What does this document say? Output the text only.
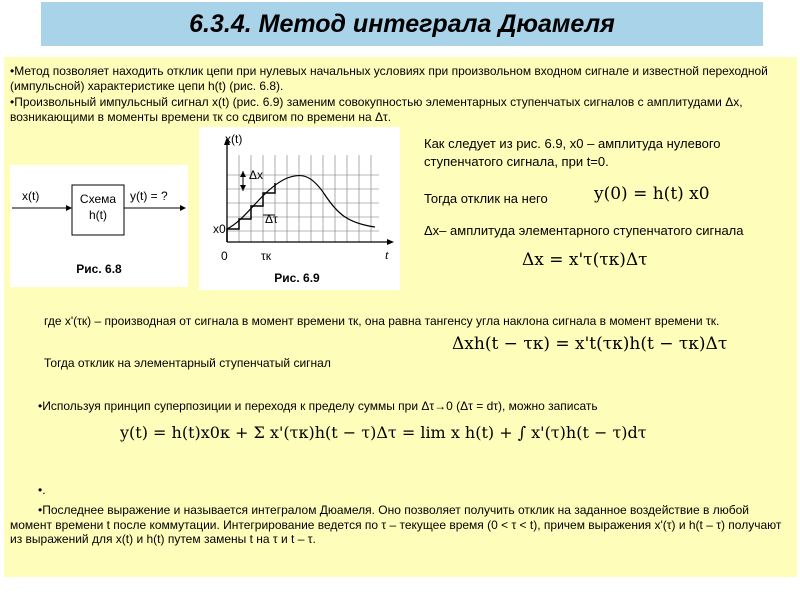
6.3.4. Метод интеграла Дюамеля
•Метод позволяет находить отклик цепи при нулевых начальных условиях при произвольном входном сигнале и известной переходной (импульсной) характеристике цепи h(t) (рис. 6.8).
•Произвольный импульсный сигнал x(t) (рис. 6.9) заменим совокупностью элементарных ступенчатых сигналов с амплитудами Δx, возникающими в моменты времени τк со сдвигом по времени на Δτ.
x(t)	Схема
h(t)
y(t) = ?
Рис. 6.8
x(t)
t
Δx
Δτ
x0
0	τк
Рис. 6.9
Как следует из рис. 6.9, x0 – амплитуда нулевого ступенчатого сигнала, при t=0.
Тогда отклик на него	y(0) = h(t) x0
Δx– амплитуда элементарного ступенчатого сигнала
Δx = x'τ(τк)Δτ
где x'(τк) – производная от сигнала в момент времени τк, она равна тангенсу угла наклона сигнала в момент времени τк.
Тогда отклик на элементарный ступенчатый сигнал
Δxh(t − τк) = x't(τк)h(t − τк)Δτ
•Используя принцип суперпозиции и переходя к пределу суммы при Δτ→0 (Δτ = dτ), можно записать
y(t) = h(t)x0к + Σ x'(τк)h(t − τ)Δτ = lim x h(t) + ∫ x'(τ)h(t − τ)dτ
•.
•Последнее выражение и называется интегралом Дюамеля. Оно позволяет получить отклик на заданное воздействие в любой момент времени t после коммутации. Интегрирование ведется по τ – текущее время (0 < τ < t), причем выражения x'(τ) и h(t – τ) получают из выражений для x(t) и h(t) путем замены t на τ и t – τ.
